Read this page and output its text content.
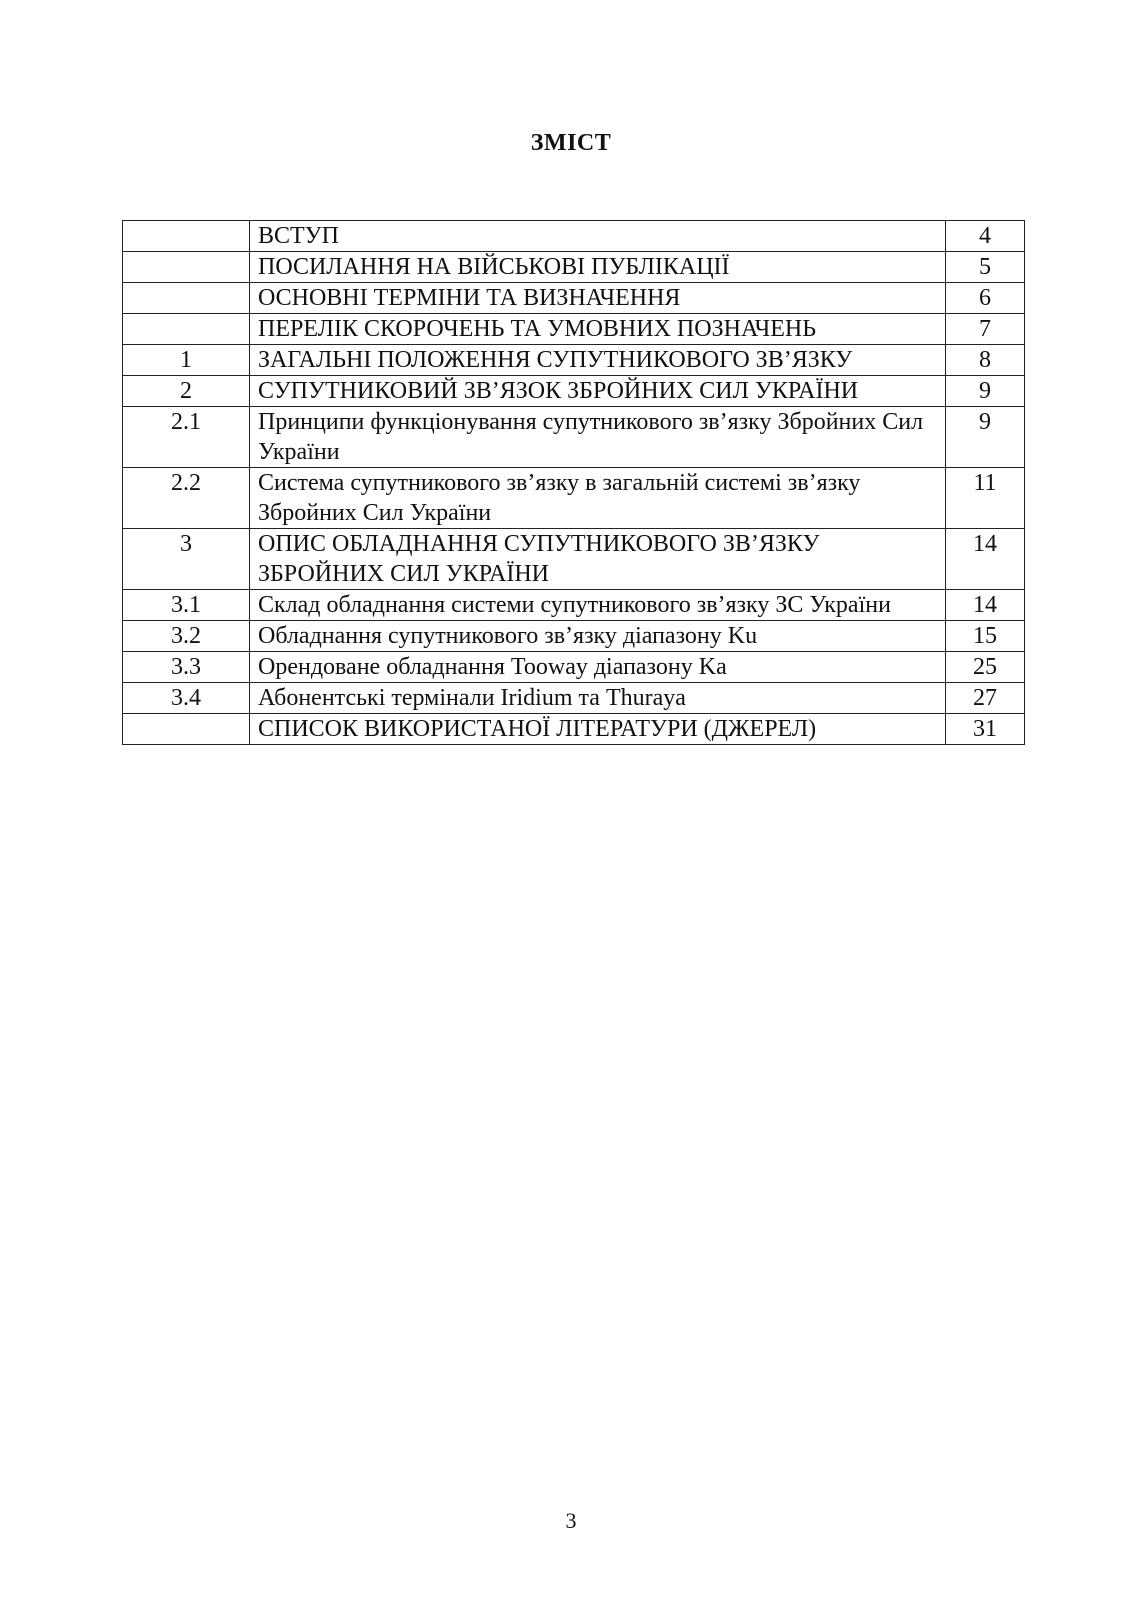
ЗМІСТ
	ВСТУП	4
	ПОСИЛАННЯ НА ВІЙСЬКОВІ ПУБЛІКАЦІЇ	5
	ОСНОВНІ ТЕРМІНИ ТА ВИЗНАЧЕННЯ	6
	ПЕРЕЛІК СКОРОЧЕНЬ ТА УМОВНИХ ПОЗНАЧЕНЬ	7
1	ЗАГАЛЬНІ ПОЛОЖЕННЯ СУПУТНИКОВОГО ЗВ’ЯЗКУ	8
2	СУПУТНИКОВИЙ ЗВ’ЯЗОК ЗБРОЙНИХ СИЛ УКРАЇНИ	9
2.1	Принципи функціонування супутникового зв’язку Збройних Сил України	9
2.2	Система супутникового зв’язку в загальній системі зв’язку Збройних Сил України	11
3	ОПИС ОБЛАДНАННЯ СУПУТНИКОВОГО ЗВ’ЯЗКУ ЗБРОЙНИХ СИЛ УКРАЇНИ	14
3.1	Склад обладнання системи супутникового зв’язку ЗС України	14
3.2	Обладнання супутникового зв’язку діапазону Ku	15
3.3	Орендоване обладнання Tooway діапазону Ka	25
3.4	Абонентські термінали Iridium та Thuraya	27
	СПИСОК ВИКОРИСТАНОЇ ЛІТЕРАТУРИ (ДЖЕРЕЛ)	31
3
